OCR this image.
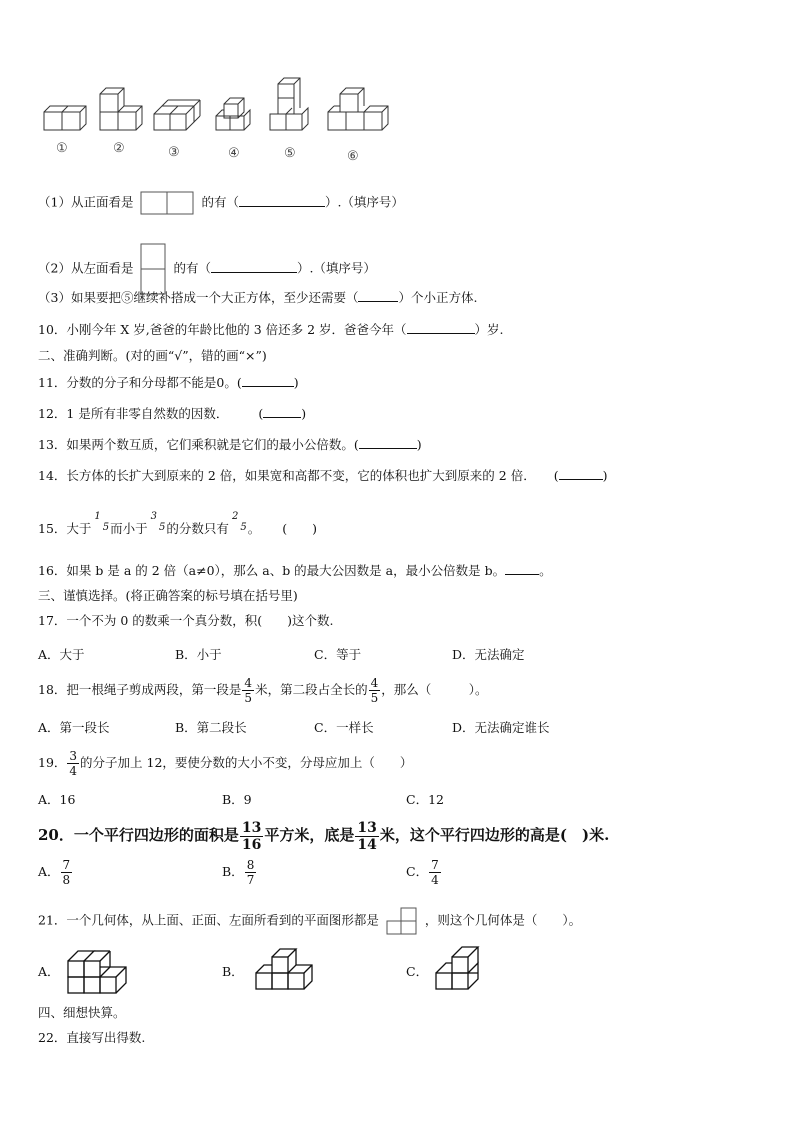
①	②	③	④	⑤	⑥
（1）从正面看是	的有（	）.（填序号）
（2）从左面看是	的有（	）.（填序号）
（3）如果要把⑤继续补搭成一个大正方体，至少还需要（	）个小正方体.
10．小刚今年 X 岁,爸爸的年龄比他的 3 倍还多 2 岁．爸爸今年（	）岁.
二、准确判断。(对的画“√”，错的画“×”)
11．分数的分子和分母都不能是0。(	)
12．1 是所有非零自然数的因数． (	)
13．如果两个数互质，它们乘积就是它们的最小公倍数。(	)
14．长方体的长扩大到原来的 2 倍，如果宽和高都不变，它的体积也扩大到原来的 2 倍． (	)
15．大于
1
5 而小于
3
5 的分数只有
2
5 。 (　　)
16．如果 b 是 a 的 2 倍（a≠0），那么 a、b 的最大公因数是 a，最小公倍数是 b。	。
三、谨慎选择。(将正确答案的标号填在括号里)
17．一个不为 0 的数乘一个真分数，积(　　)这个数.
A．大于	B．小于	C．等于	D．无法确定
18．把一根绳子剪成两段，第一段是 $\frac{4}{5}$ 米，第二段占全长的 $\frac{4}{5}$ ，那么（　　　）。
A．第一段长	B．第二段长	C．一样长	D．无法确定谁长
19． $\frac{3}{4}$ 的分子加上 12，要使分数的大小不变，分母应加上（　　）
A．16	B．9	C．12
20．一个平行四边形的面积是 $\frac{13}{16}$ 平方米，底是 $\frac{13}{14}$ 米，这个平行四边形的高是(　)米.
A． $\frac{7}{8}$	B． $\frac{8}{7}$	C． $\frac{7}{4}$
21．一个几何体，从上面、正面、左面所看到的平面图形都是	，则这个几何体是（　　）。
A．	B．	C．
四、细想快算。
22．直接写出得数.
